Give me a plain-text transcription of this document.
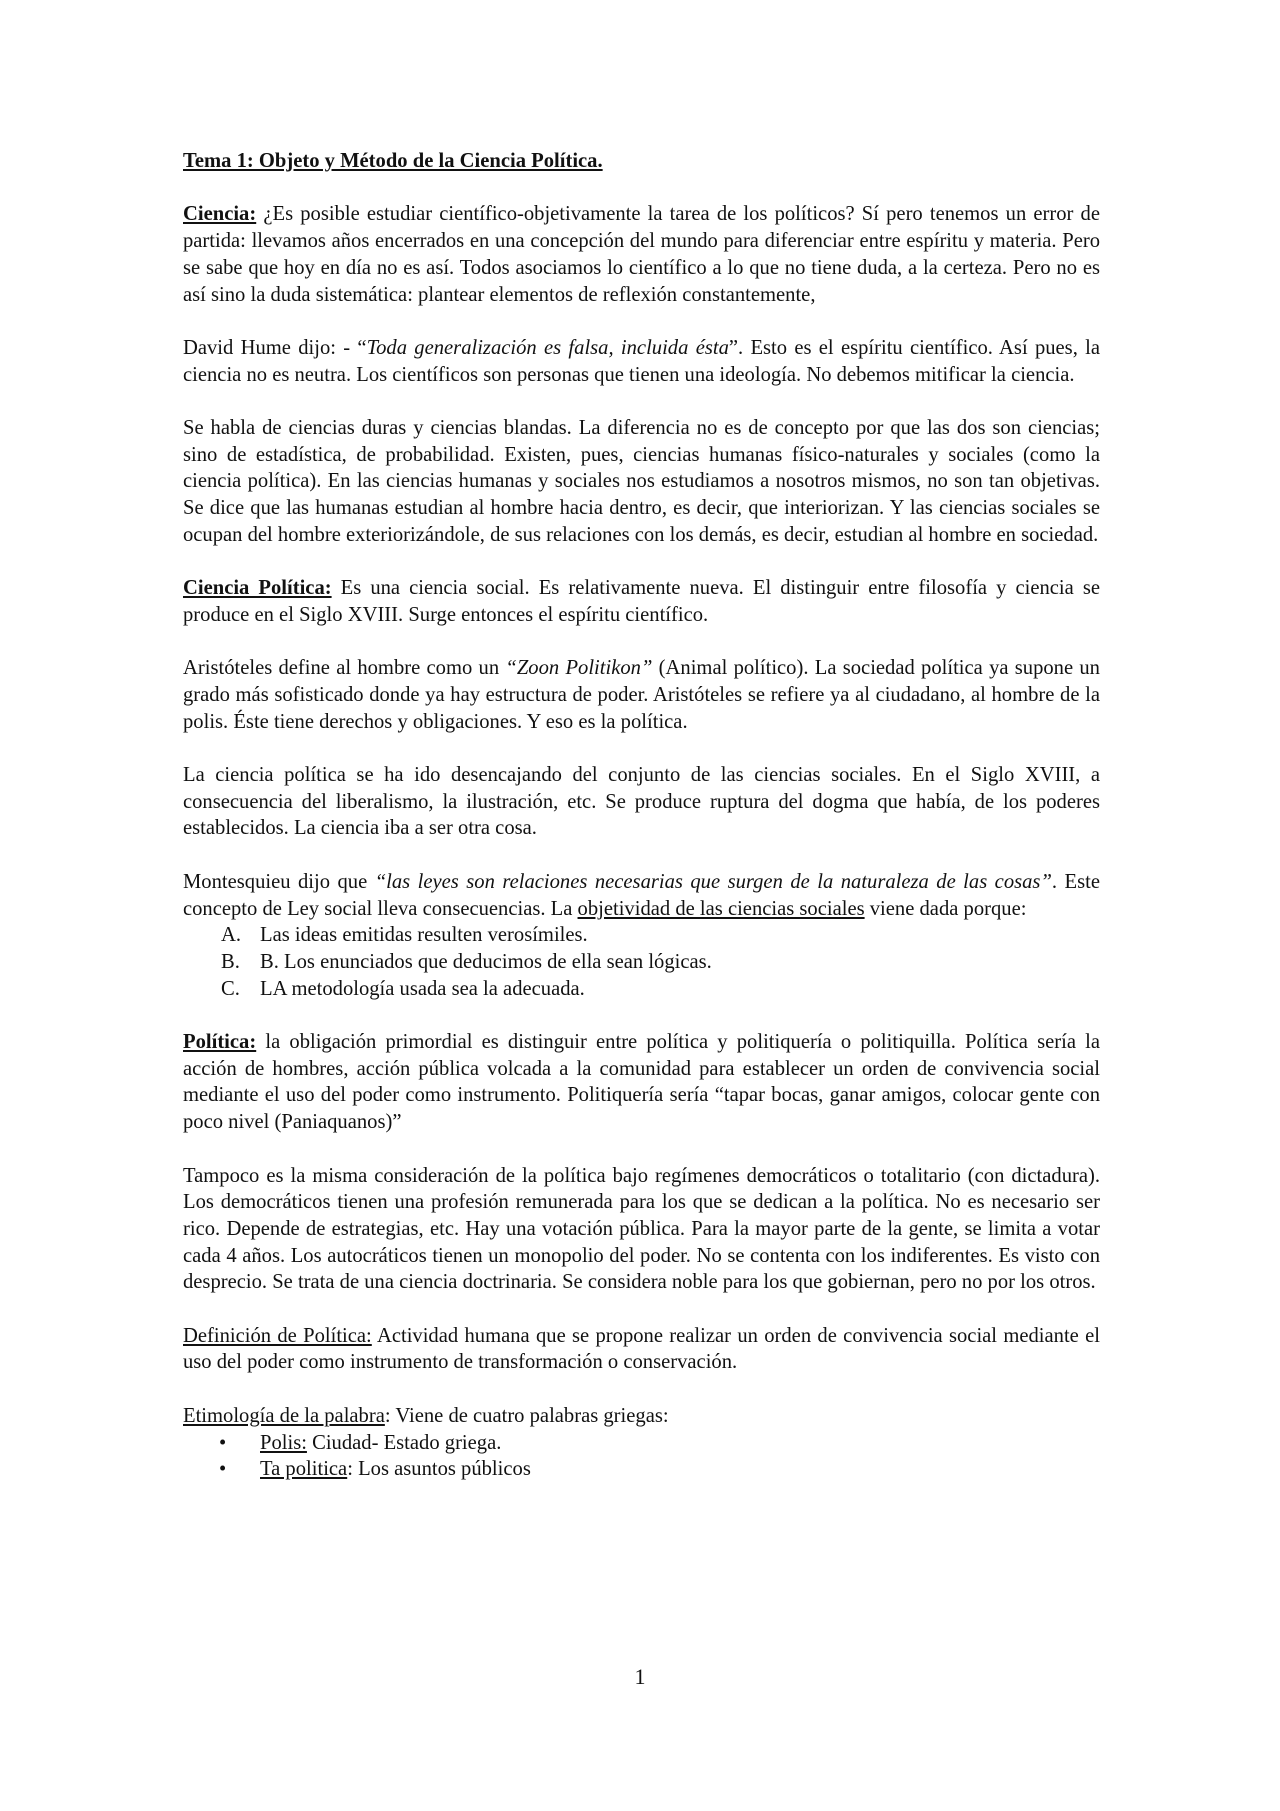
Tema 1: Objeto y Método de la Ciencia Política.

Ciencia: ¿Es posible estudiar científico-objetivamente la tarea de los políticos? Sí pero tenemos un error de partida: llevamos años encerrados en una concepción del mundo para diferenciar entre espíritu y materia. Pero se sabe que hoy en día no es así. Todos asociamos lo científico a lo que no tiene duda, a la certeza. Pero no es así sino la duda sistemática: plantear elementos de reflexión constantemente,

David Hume dijo: - “Toda generalización es falsa, incluida ésta”. Esto es el espíritu científico. Así pues, la ciencia no es neutra. Los científicos son personas que tienen una ideología. No debemos mitificar la ciencia.

Se habla de ciencias duras y ciencias blandas. La diferencia no es de concepto por que las dos son ciencias; sino de estadística, de probabilidad. Existen, pues, ciencias humanas físico-naturales y sociales (como la ciencia política). En las ciencias humanas y sociales nos estudiamos a nosotros mismos, no son tan objetivas. Se dice que las humanas estudian al hombre hacia dentro, es decir, que interiorizan. Y las ciencias sociales se ocupan del hombre exteriorizándole, de sus relaciones con los demás, es decir, estudian al hombre en sociedad.

Ciencia Política: Es una ciencia social. Es relativamente nueva. El distinguir entre filosofía y ciencia se produce en el Siglo XVIII. Surge entonces el espíritu científico.

Aristóteles define al hombre como un “Zoon Politikon” (Animal político). La sociedad política ya supone un grado más sofisticado donde ya hay estructura de poder. Aristóteles se refiere ya al ciudadano, al hombre de la polis. Éste tiene derechos y obligaciones. Y eso es la política.

La ciencia política se ha ido desencajando del conjunto de las ciencias sociales. En el Siglo XVIII, a consecuencia del liberalismo, la ilustración, etc. Se produce ruptura del dogma que había, de los poderes establecidos. La ciencia iba a ser otra cosa.

Montesquieu dijo que “las leyes son relaciones necesarias que surgen de la naturaleza de las cosas”. Este concepto de Ley social lleva consecuencias. La objetividad de las ciencias sociales viene dada porque:

A. Las ideas emitidas resulten verosímiles.
B. B. Los enunciados que deducimos de ella sean lógicas.
C. LA metodología usada sea la adecuada.

Política: la obligación primordial es distinguir entre política y politiquería o politiquilla. Política sería la acción de hombres, acción pública volcada a la comunidad para establecer un orden de convivencia social mediante el uso del poder como instrumento. Politiquería sería “tapar bocas, ganar amigos, colocar gente con poco nivel (Paniaquanos)”

Tampoco es la misma consideración de la política bajo regímenes democráticos o totalitario (con dictadura). Los democráticos tienen una profesión remunerada para los que se dedican a la política. No es necesario ser rico. Depende de estrategias, etc. Hay una votación pública. Para la mayor parte de la gente, se limita a votar cada 4 años. Los autocráticos tienen un monopolio del poder. No se contenta con los indiferentes. Es visto con desprecio. Se trata de una ciencia doctrinaria. Se considera noble para los que gobiernan, pero no por los otros.

Definición de Política: Actividad humana que se propone realizar un orden de convivencia social mediante el uso del poder como instrumento de transformación o conservación.

Etimología de la palabra: Viene de cuatro palabras griegas:

• Polis: Ciudad- Estado griega.
• Ta politica: Los asuntos públicos
1
